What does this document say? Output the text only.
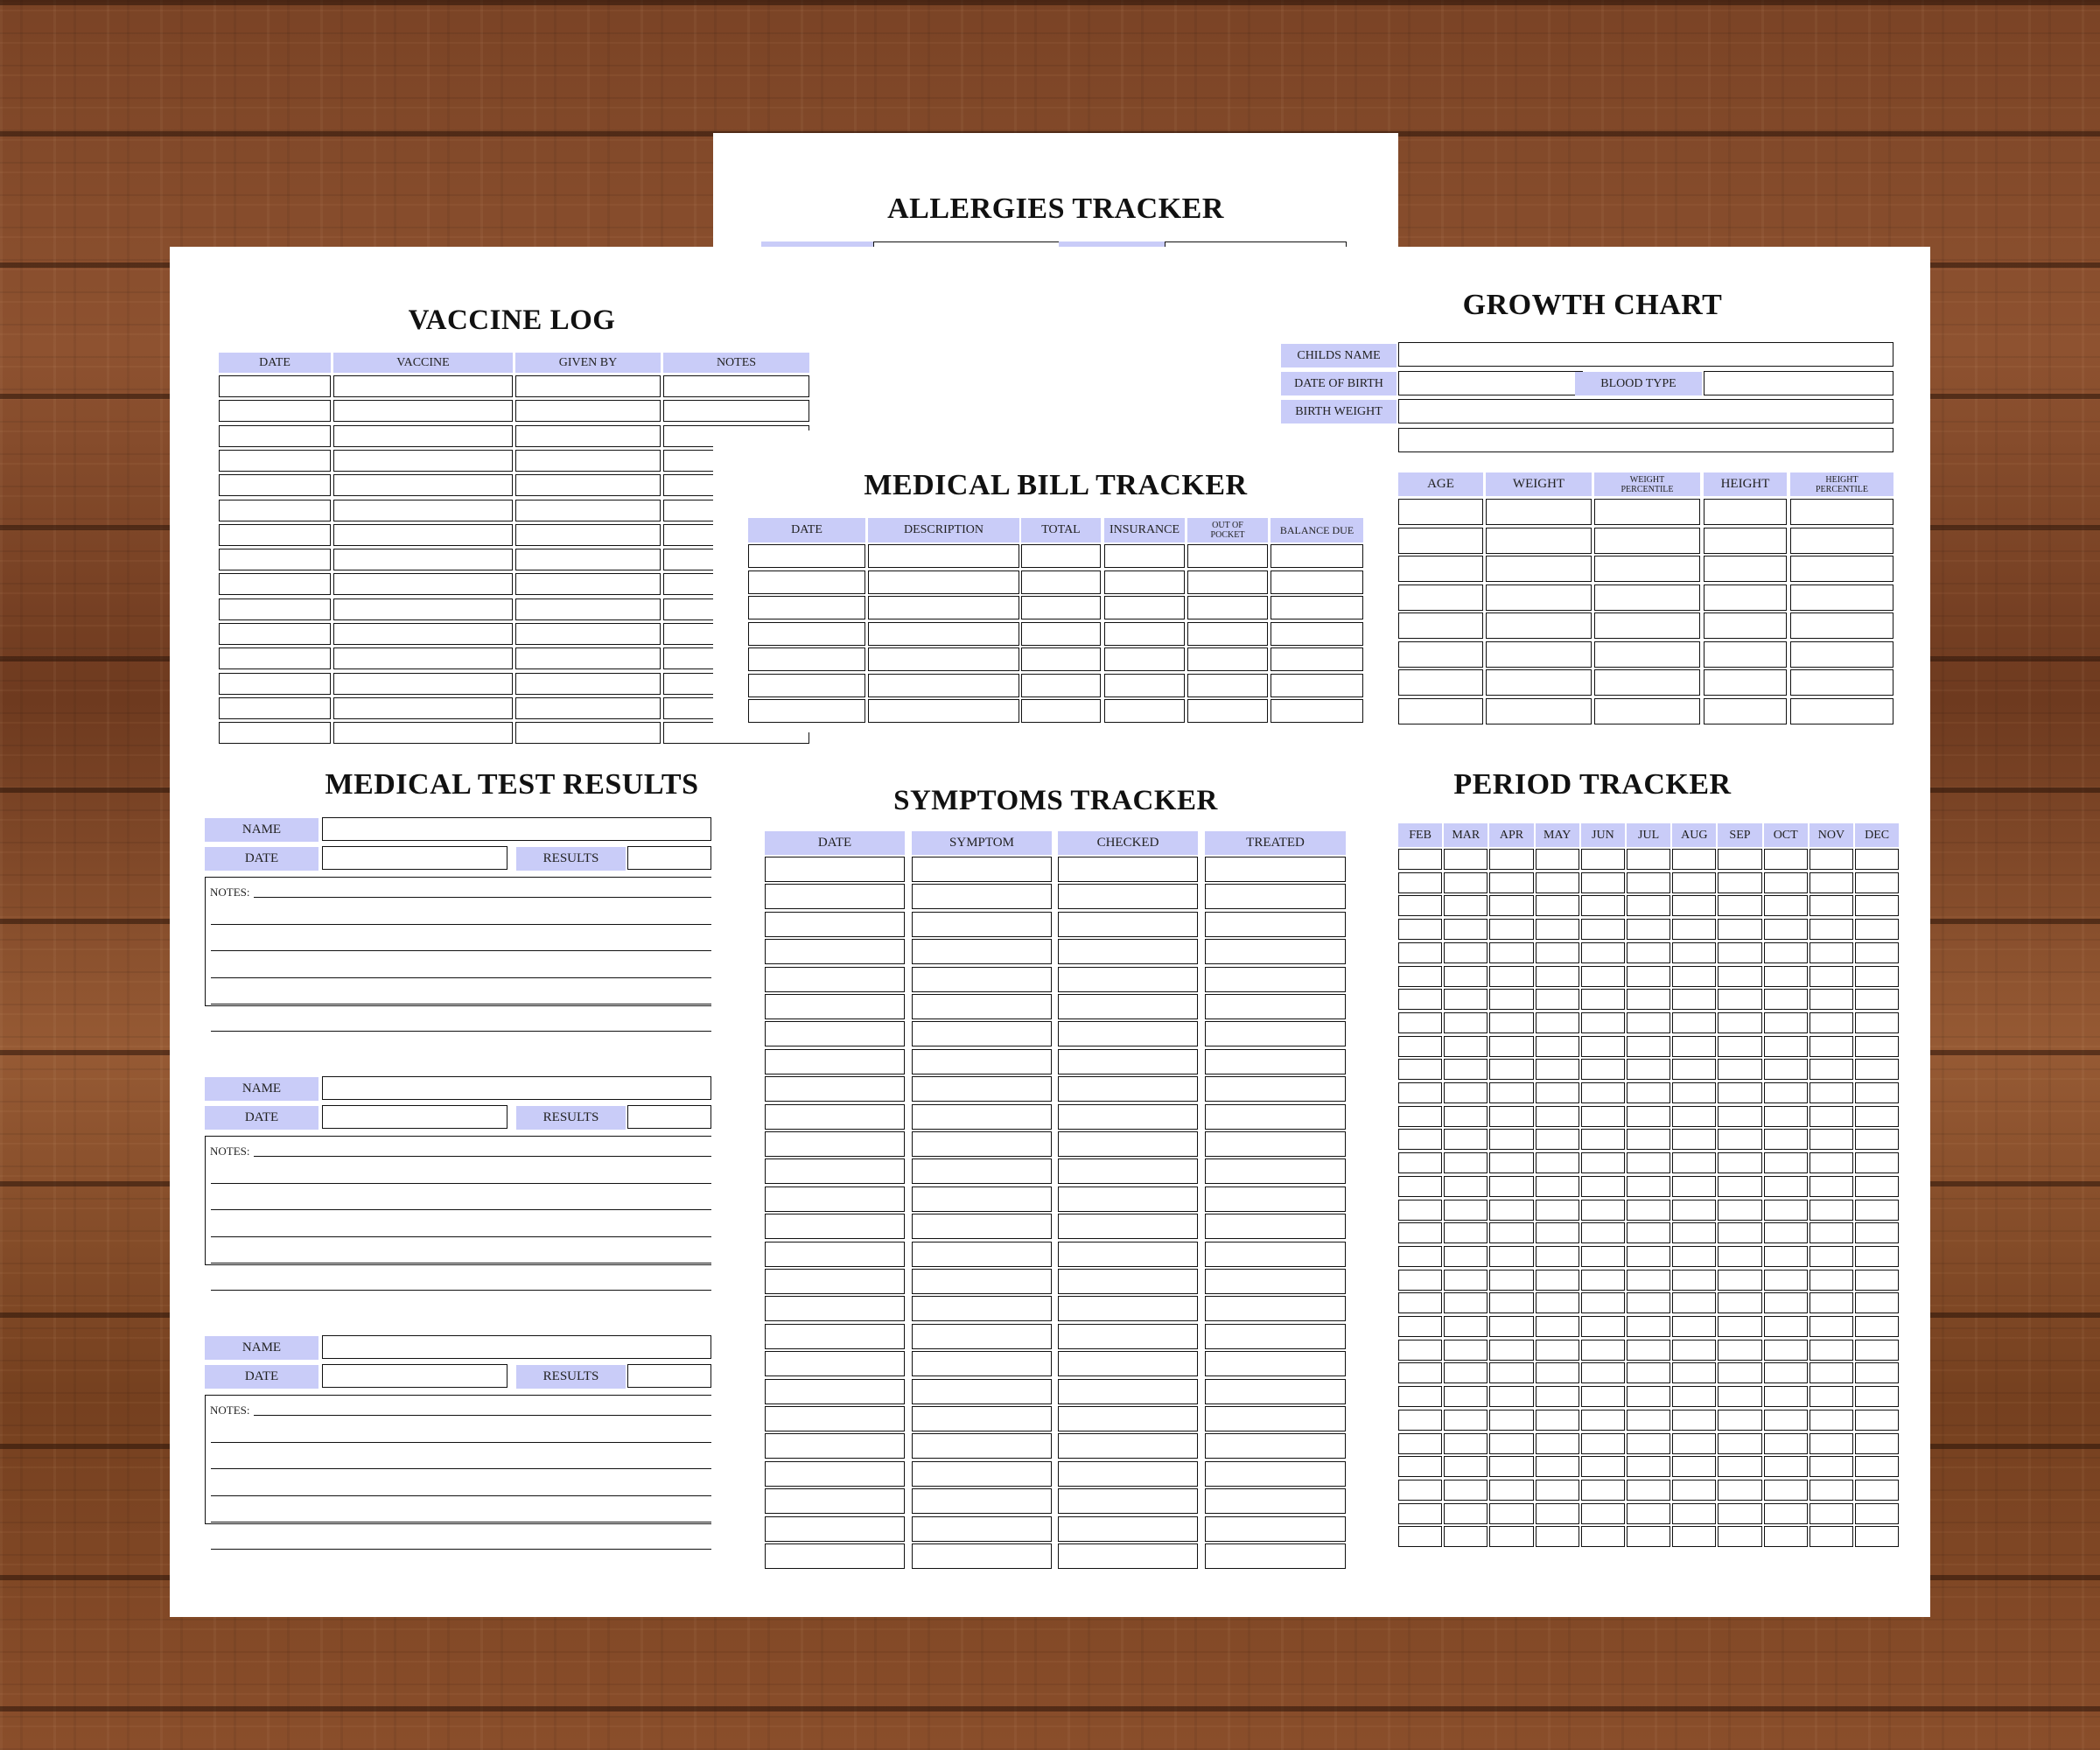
ALLERGIES TRACKER
VACCINE LOG
DATE	VACCINE	GIVEN BY	NOTES
GROWTH CHART
CHILDS NAME
DATE OF BIRTH	BLOOD TYPE
BIRTH WEIGHT
AGE	WEIGHT	WEIGHT PERCENTILE	HEIGHT	HEIGHT PERCENTILE
MEDICAL BILL TRACKER
DATE	DESCRIPTION	TOTAL	INSURANCE	OUT OF POCKET	BALANCE DUE
MEDICAL TEST RESULTS
NAME
DATE	RESULTS
NOTES:
NAME
DATE	RESULTS
NOTES:
NAME
DATE	RESULTS
NOTES:
SYMPTOMS TRACKER
DATE	SYMPTOM	CHECKED	TREATED
PERIOD TRACKER
FEB	MAR	APR	MAY	JUN	JUL	AUG	SEP	OCT	NOV	DEC
